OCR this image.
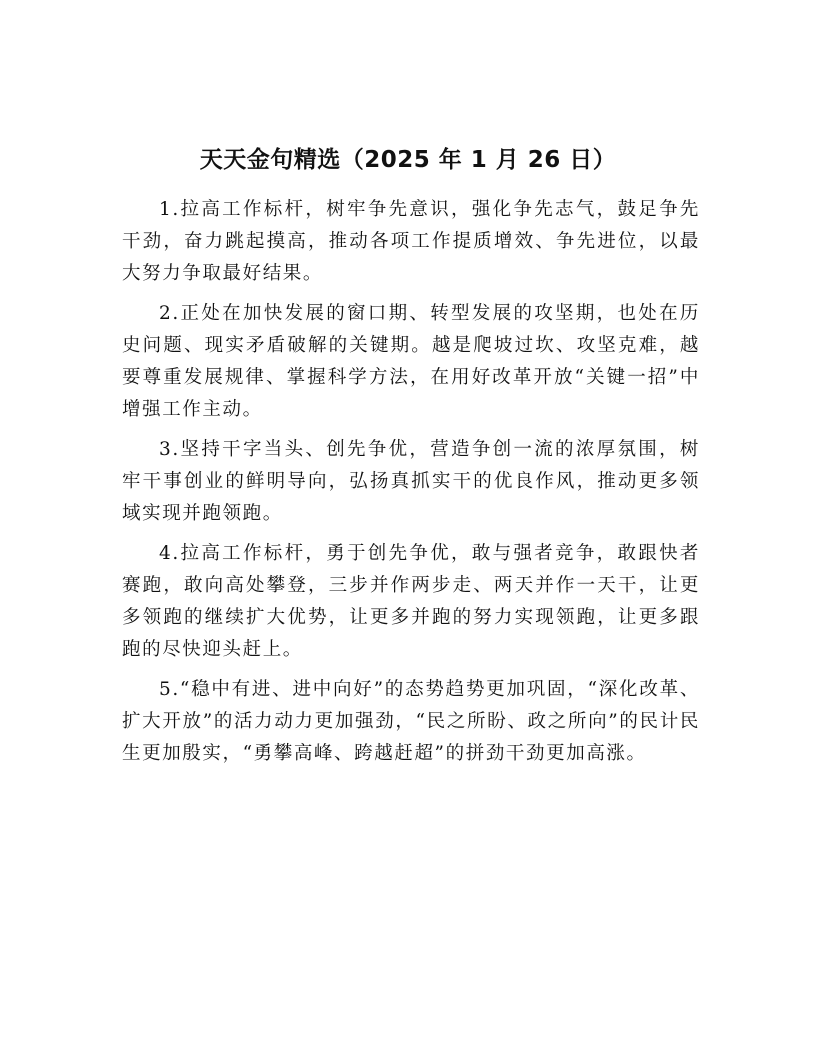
天天金句精选（2025 年 1 月 26 日）

1.拉高工作标杆，树牢争先意识，强化争先志气，鼓足争先干劲，奋力跳起摸高，推动各项工作提质增效、争先进位，以最大努力争取最好结果。

2.正处在加快发展的窗口期、转型发展的攻坚期，也处在历史问题、现实矛盾破解的关键期。越是爬坡过坎、攻坚克难，越要尊重发展规律、掌握科学方法，在用好改革开放“关键一招”中增强工作主动。

3.坚持干字当头、创先争优，营造争创一流的浓厚氛围，树牢干事创业的鲜明导向，弘扬真抓实干的优良作风，推动更多领域实现并跑领跑。

4.拉高工作标杆，勇于创先争优，敢与强者竞争，敢跟快者赛跑，敢向高处攀登，三步并作两步走、两天并作一天干，让更多领跑的继续扩大优势，让更多并跑的努力实现领跑，让更多跟跑的尽快迎头赶上。

5.“稳中有进、进中向好”的态势趋势更加巩固，“深化改革、扩大开放”的活力动力更加强劲，“民之所盼、政之所向”的民计民生更加殷实，“勇攀高峰、跨越赶超”的拼劲干劲更加高涨。
